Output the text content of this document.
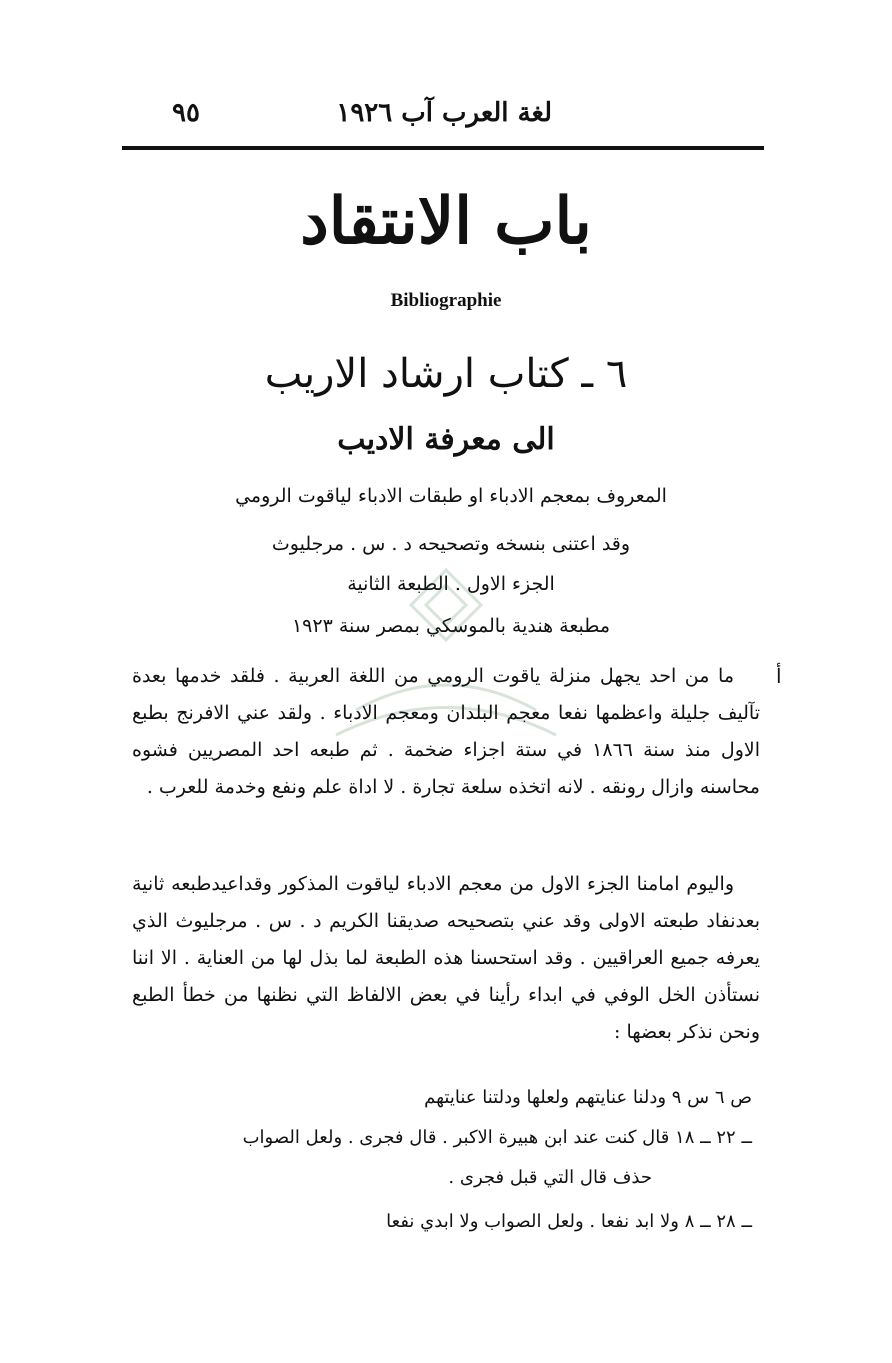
لغة العرب آب ١٩٢٦
٩٥
باب الانتقاد
Bibliographie
٦ ـ كتاب ارشاد الاريب
الى معرفة الاديب
المعروف بمعجم الادباء او طبقات الادباء لياقوت الرومي
وقد اعتنى بنسخه وتصحيحه د . س . مرجليوث
الجزء الاول . الطبعة الثانية
مطبعة هندية بالموسكي بمصر سنة ١٩٢٣
أ
ما من احد يجهل منزلة ياقوت الرومي من اللغة العربية . فلقد خدمها بعدة تآليف جليلة واعظمها نفعا معجم البلدان ومعجم الادباء . ولقد عني الافرنج بطبع الاول منذ سنة ١٨٦٦ في ستة اجزاء ضخمة . ثم طبعه احد المصريين فشوه محاسنه وازال رونقه . لانه اتخذه سلعة تجارة . لا اداة علم ونفع وخدمة للعرب .
واليوم امامنا الجزء الاول من معجم الادباء لياقوت المذكور وقداعيدطبعه ثانية بعدنفاد طبعته الاولى وقد عني بتصحيحه صديقنا الكريم د . س . مرجليوث الذي يعرفه جميع العراقيين . وقد استحسنا هذه الطبعة لما بذل لها من العناية . الا اننا نستأذن الخل الوفي في ابداء رأينا في بعض الالفاظ التي نظنها من خطأ الطبع ونحن نذكر بعضها :
ص ٦ س ٩ ودلنا عنايتهم ولعلها ودلتنا عنايتهم
ــ ٢٢ ــ ١٨ قال كنت عند ابن هبيرة الاكبر . قال فجرى . ولعل الصواب
حذف قال التي قبل فجرى .
ــ ٢٨ ــ ٨ ولا ابد نفعا . ولعل الصواب ولا ابدي نفعا
